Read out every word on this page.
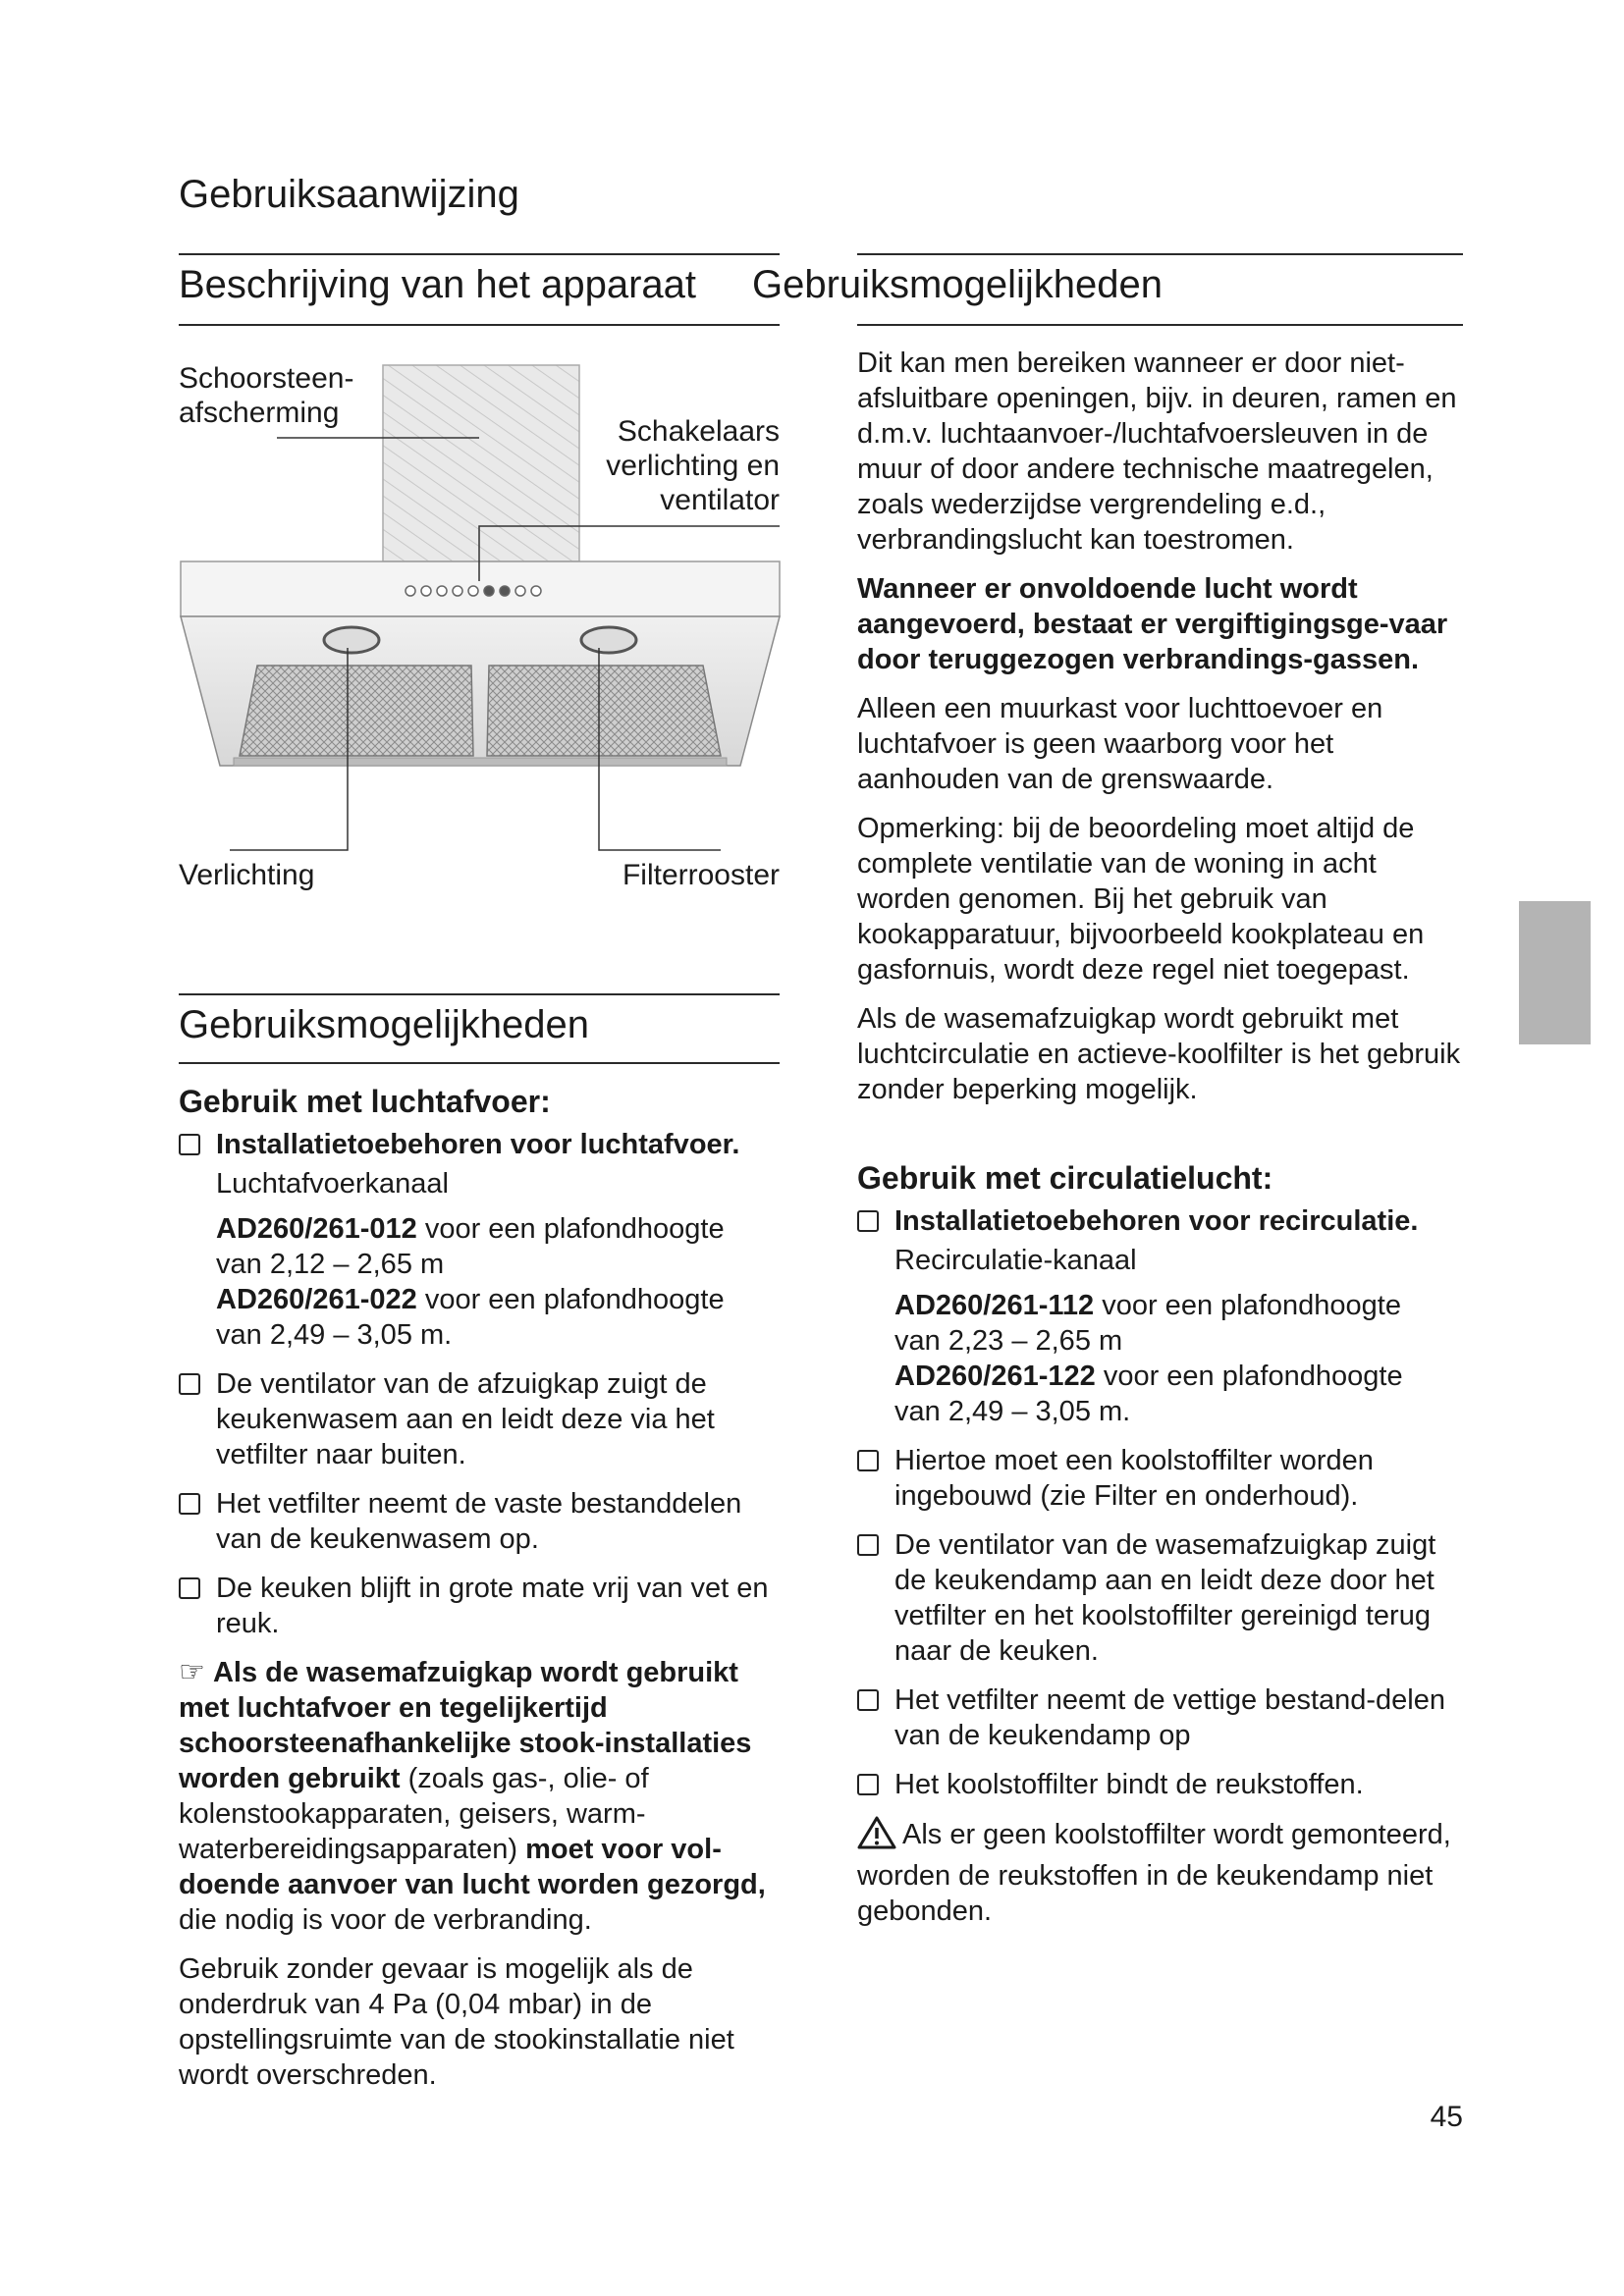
Gebruiksaanwijzing
Beschrijving van het apparaat Gebruiksmogelijkheden
Schoorsteen-
afscherming
Schakelaars
verlichting en
ventilator
Verlichting	Filterrooster
Gebruiksmogelijkheden
Gebruik met luchtafvoer:
Installatietoebehoren voor luchtafvoer.

Luchtafvoerkanaal

AD260/261-012 voor een plafondhoogte

van 2,12 – 2,65 m

AD260/261-022 voor een plafondhoogte

van 2,49 – 3,05 m.

De ventilator van de afzuigkap zuigt de keukenwasem aan en leidt deze via het vetfilter naar buiten.
Het vetfilter neemt de vaste bestanddelen van de keukenwasem op.
De keuken blijft in grote mate vrij van vet en reuk.

☞ Als de wasemafzuigkap wordt gebruikt met luchtafvoer en tegelijkertijd schoorsteenafhankelijke stook-installaties worden gebruikt (zoals gas-, olie- of kolenstookapparaten, geisers, warm-waterbereidingsapparaten) moet voor vol-doende aanvoer van lucht worden gezorgd, die nodig is voor de verbranding.

Gebruik zonder gevaar is mogelijk als de onderdruk van 4 Pa (0,04 mbar) in de opstellingsruimte van de stookinstallatie niet wordt overschreden.

Dit kan men bereiken wanneer er door niet-afsluitbare openingen, bijv. in deuren, ramen en d.m.v. luchtaanvoer-/luchtafvoersleuven in de muur of door andere technische maatregelen, zoals wederzijdse vergrendeling e.d., verbrandingslucht kan toestromen.

Wanneer er onvoldoende lucht wordt aangevoerd, bestaat er vergiftigingsge-vaar door teruggezogen verbrandings-gassen.

Alleen een muurkast voor luchttoevoer en luchtafvoer is geen waarborg voor het aanhouden van de grenswaarde.

Opmerking: bij de beoordeling moet altijd de complete ventilatie van de woning in acht worden genomen. Bij het gebruik van kookapparatuur, bijvoorbeeld kookplateau en gasfornuis, wordt deze regel niet toegepast.

Als de wasemafzuigkap wordt gebruikt met luchtcirculatie en actieve-koolfilter is het gebruik zonder beperking mogelijk.

Gebruik met circulatielucht:
Installatietoebehoren voor recirculatie.

Recirculatie-kanaal

AD260/261-112 voor een plafondhoogte

van 2,23 – 2,65 m

AD260/261-122 voor een plafondhoogte

van 2,49 – 3,05 m.

Hiertoe moet een koolstoffilter worden ingebouwd (zie Filter en onderhoud).
De ventilator van de wasemafzuigkap zuigt de keukendamp aan en leidt deze door het vetfilter en het koolstoffilter gereinigd terug naar de keuken.
Het vetfilter neemt de vettige bestand-delen van de keukendamp op
Het koolstoffilter bindt de reukstoffen.

Als er geen koolstoffilter wordt gemonteerd, worden de reukstoffen in de keukendamp niet gebonden.

45
